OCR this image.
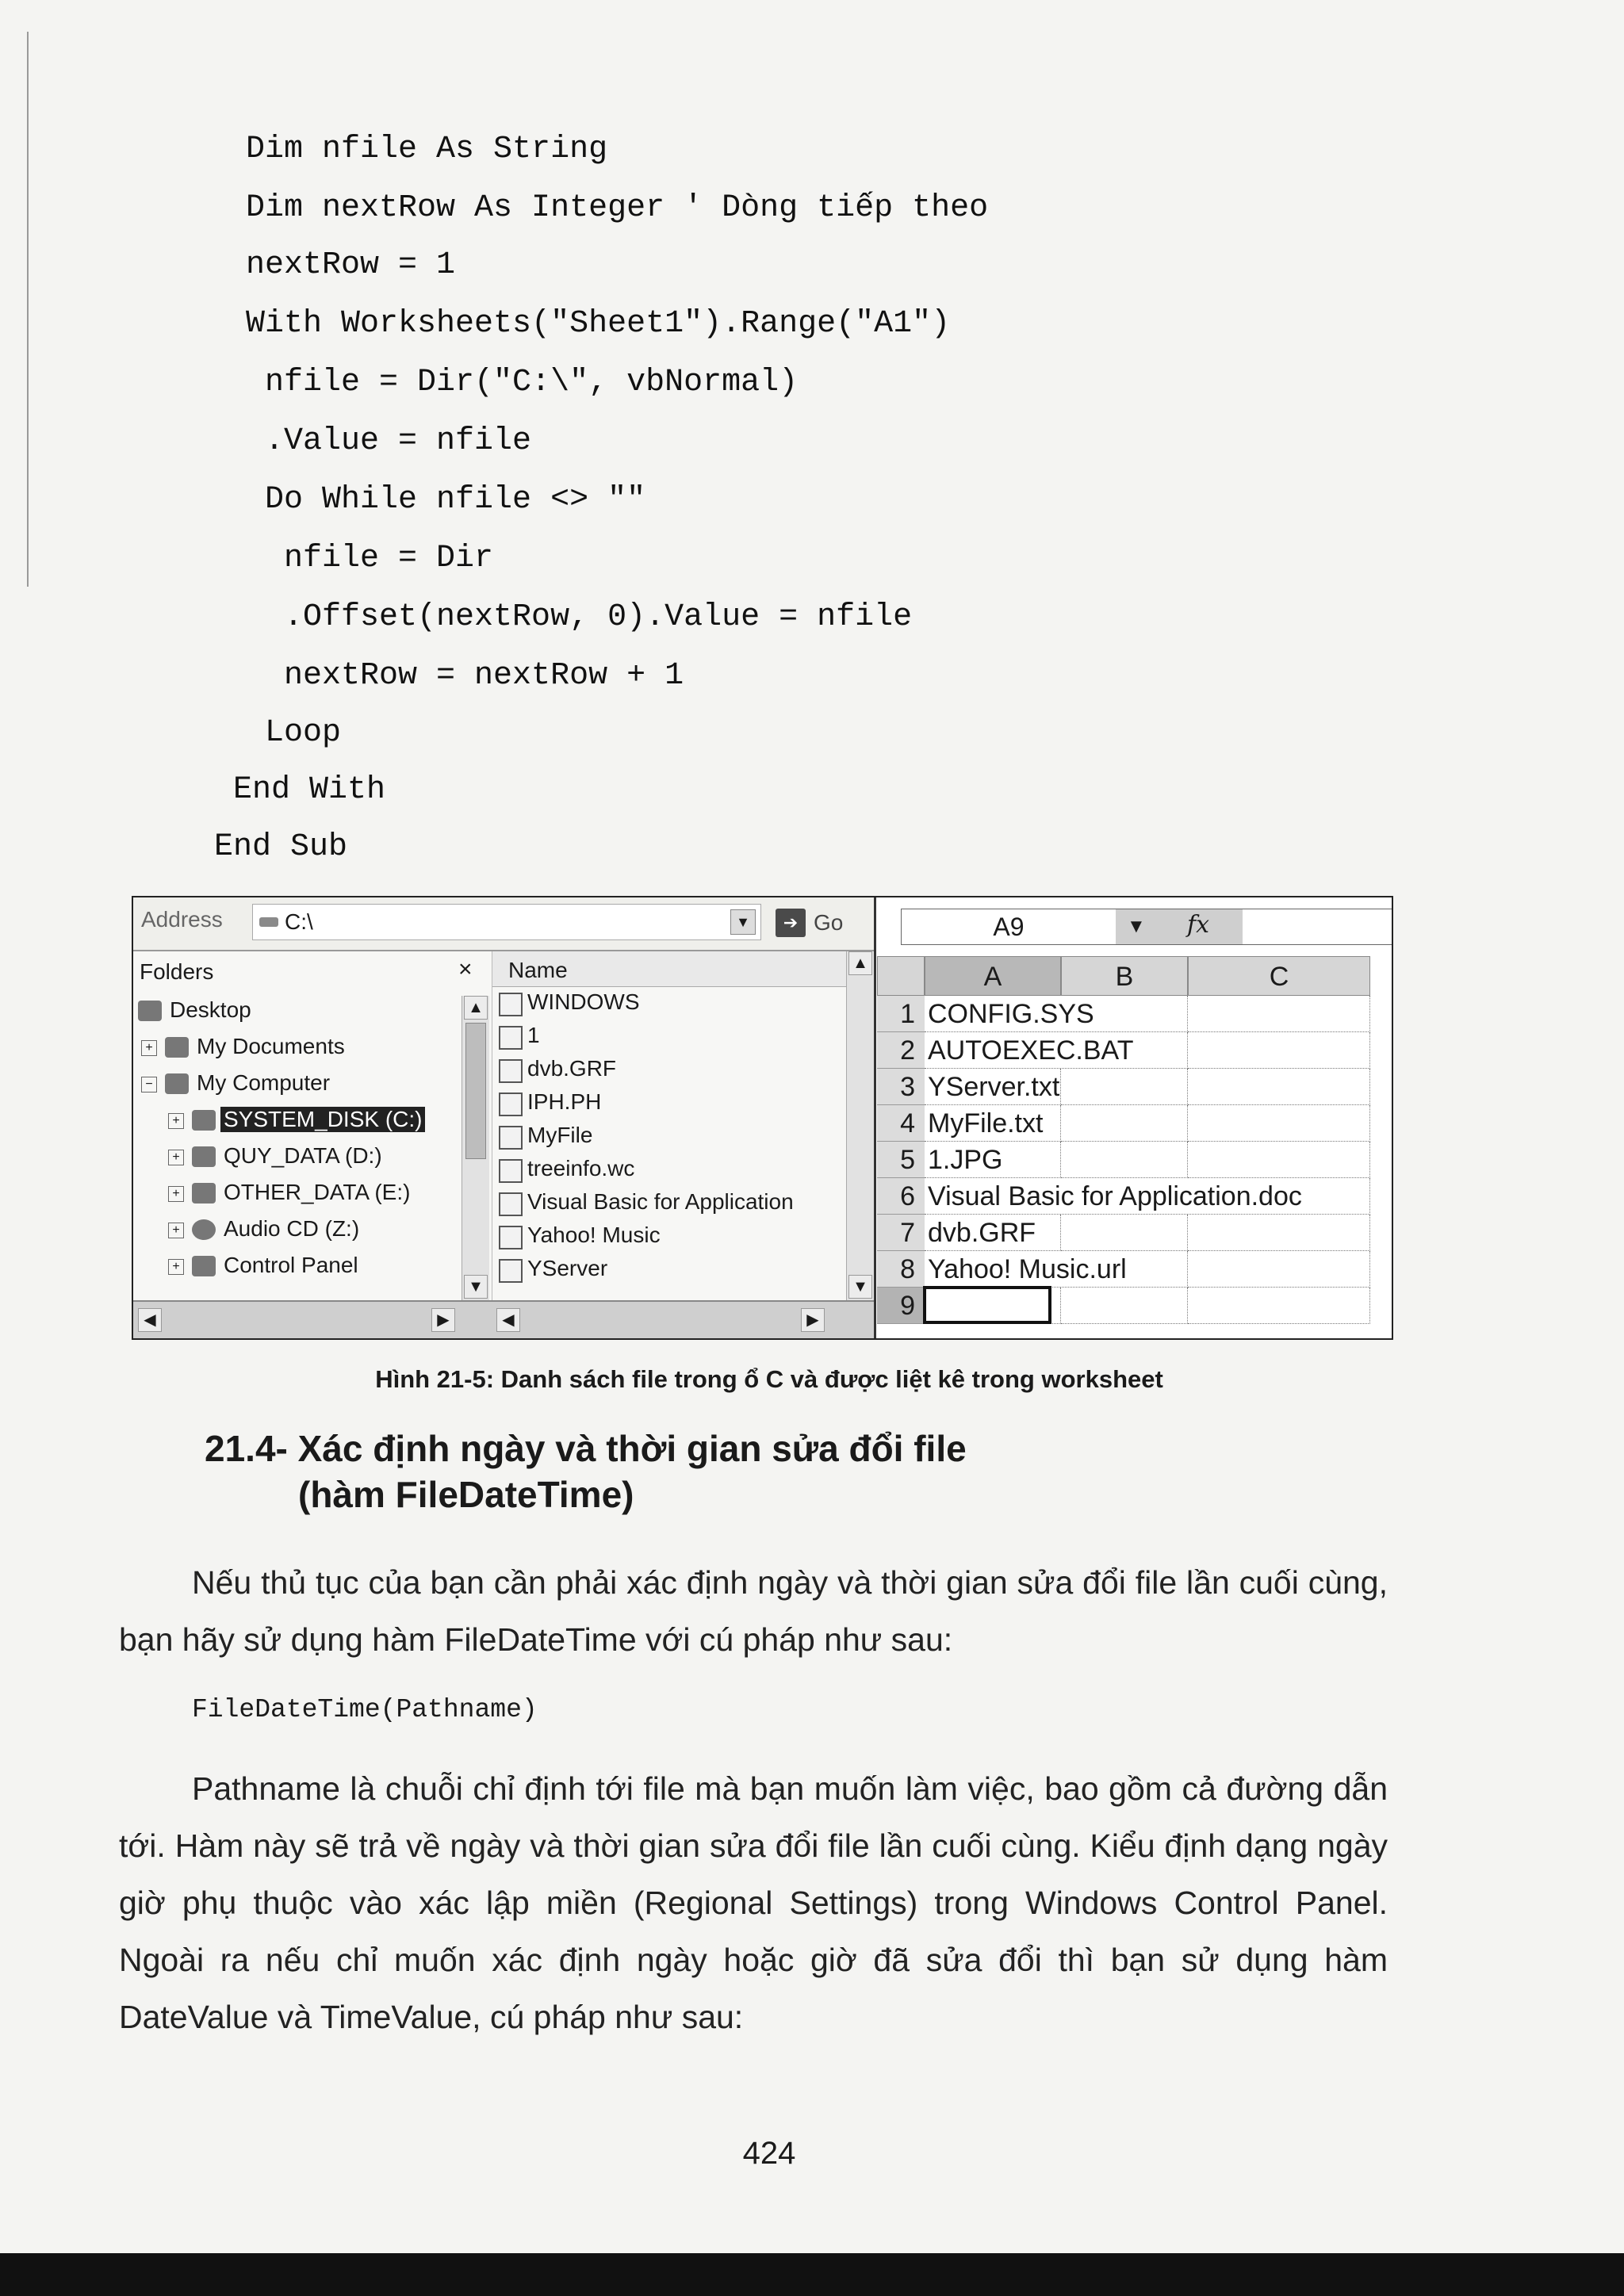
Dim nfile As String
Dim nextRow As Integer ' Dòng tiếp theo
nextRow = 1
With Worksheets("Sheet1").Range("A1")
nfile = Dir("C:\", vbNormal)
.Value = nfile
Do While nfile <> ""
nfile = Dir
.Offset(nextRow, 0).Value = nfile
nextRow = nextRow + 1
Loop
End With
End Sub
Address	C:\	▼	➔ Go
Folders	×
Desktop
+ My Documents
− My Computer
+ SYSTEM_DISK (C:)
+ QUY_DATA (D:)
+ OTHER_DATA (E:)
+ Audio CD (Z:)
+ Control Panel
▲
▼
Name
WINDOWS
1
dvb.GRF
IPH.PH
MyFile
treeinfo.wc
Visual Basic for Application
Yahoo! Music
YServer
▲
▼
◀	▶	◀	▶
A9	▼ fx
A	B	C
1 CONFIG.SYS
2 AUTOEXEC.BAT
3 YServer.txt
4 MyFile.txt
5 1.JPG
6 Visual Basic for Application.doc
7 dvb.GRF
8 Yahoo! Music.url
9
Hình 21-5: Danh sách file trong ổ C và được liệt kê trong worksheet
21.4- Xác định ngày và thời gian sửa đổi file
(hàm FileDateTime)

Nếu thủ tục của bạn cần phải xác định ngày và thời gian sửa đổi file lần cuối cùng, bạn hãy sử dụng hàm FileDateTime với cú pháp như sau:

FileDateTime(Pathname)

Pathname là chuỗi chỉ định tới file mà bạn muốn làm việc, bao gồm cả đường dẫn tới. Hàm này sẽ trả về ngày và thời gian sửa đổi file lần cuối cùng. Kiểu định dạng ngày giờ phụ thuộc vào xác lập miền (Regional Settings) trong Windows Control Panel. Ngoài ra nếu chỉ muốn xác định ngày hoặc giờ đã sửa đổi thì bạn sử dụng hàm DateValue và TimeValue, cú pháp như sau:

424
